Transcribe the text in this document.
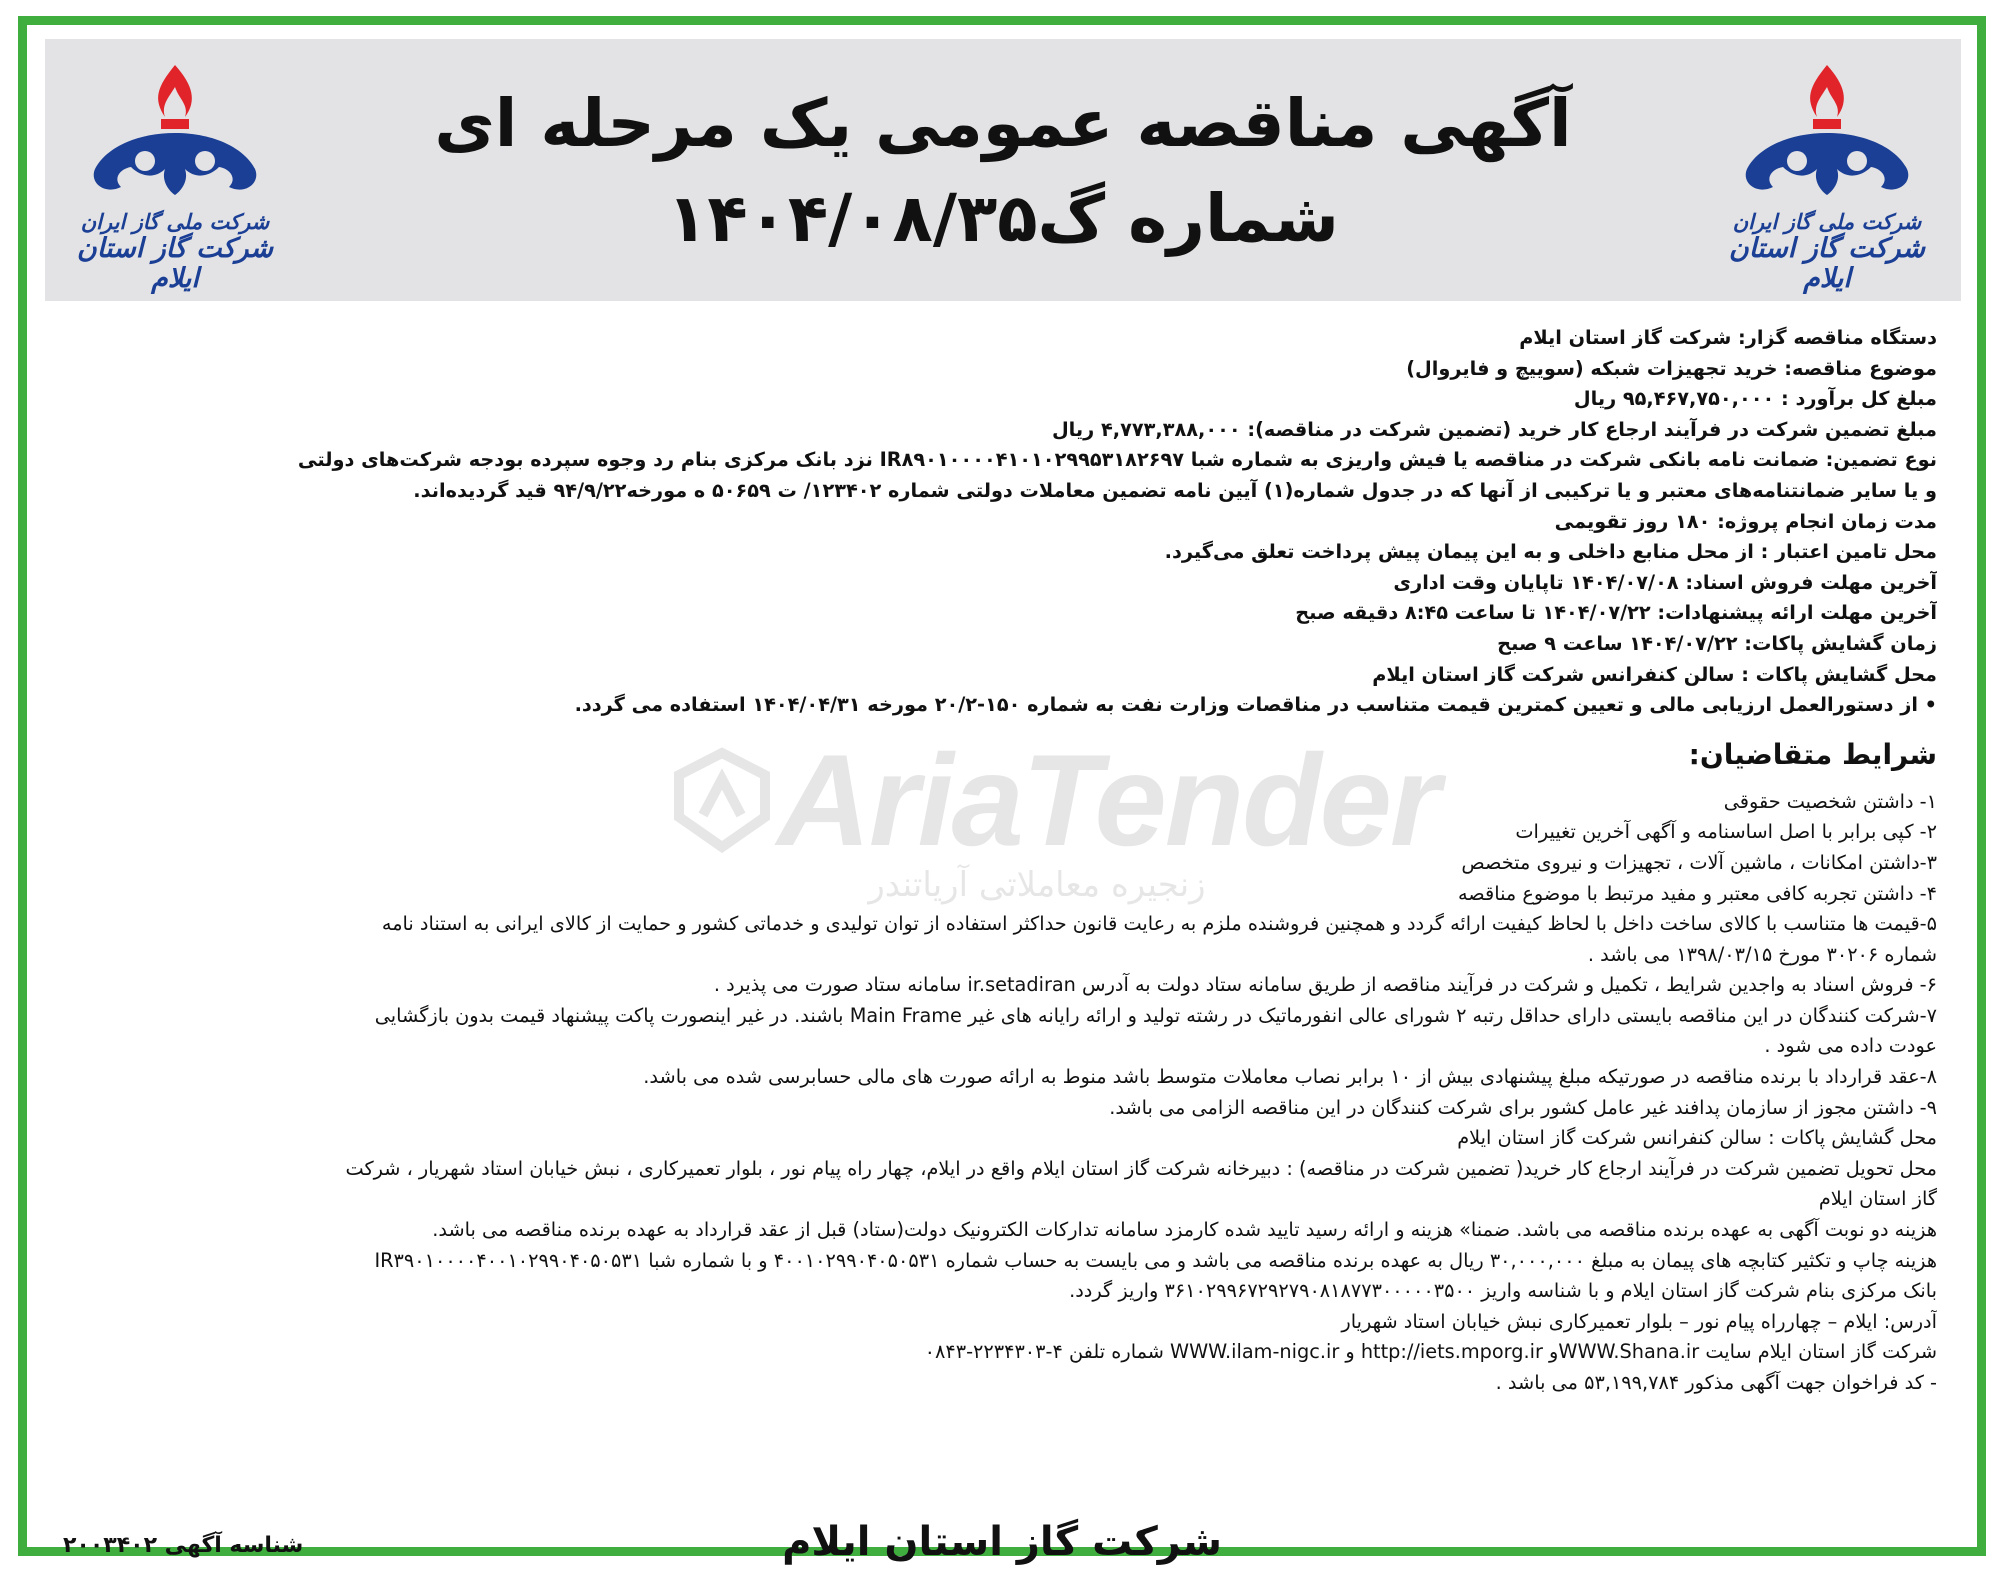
شرکت ملی گاز ایران
شرکت گاز استان ایلام
آگهی مناقصه عمومی یک مرحله ای
شماره گ۱۴۰۴/۰۸/۳۵
شرکت ملی گاز ایران
شرکت گاز استان ایلام
AriaTender
زنجیره معاملاتی آریاتندر

دستگاه مناقصه گزار: شرکت گاز استان ایلام

موضوع مناقصه: خرید تجهیزات شبکه (سوییچ و فایروال)

مبلغ کل برآورد : ۹۵,۴۶۷,۷۵۰,۰۰۰ ریال

مبلغ تضمین شرکت در فرآیند ارجاع کار خرید (تضمین شرکت در مناقصه): ۴,۷۷۳,۳۸۸,۰۰۰ ریال

نوع تضمین: ضمانت نامه بانکی شرکت در مناقصه یا فیش واریزی به شماره شبا IR۸۹۰۱۰۰۰۰۴۱۰۱۰۲۹۹۵۳۱۸۲۶۹۷ نزد بانک مرکزی بنام رد وجوه سپرده بودجه شرکت‌های دولتی

و یا سایر ضمانتنامه‌های معتبر و یا ترکیبی از آنها که در جدول شماره(۱) آیین نامه تضمین معاملات دولتی شماره ۱۲۳۴۰۲/ ت ۵۰۶۵۹ ه مورخه۹۴/۹/۲۲ قید گردیده‌اند.

مدت زمان انجام پروژه: ۱۸۰ روز تقویمی

محل تامین اعتبار : از محل منابع داخلی و به این پیمان پیش پرداخت تعلق می‌گیرد.

آخرین مهلت فروش اسناد: ۱۴۰۴/۰۷/۰۸ تاپایان وقت اداری

آخرین مهلت ارائه پیشنهادات: ۱۴۰۴/۰۷/۲۲ تا ساعت ۸:۴۵ دقیقه صبح

زمان گشایش پاکات: ۱۴۰۴/۰۷/۲۲ ساعت ۹ صبح

محل گشایش پاکات : سالن کنفرانس شرکت گاز استان ایلام

• از دستورالعمل ارزیابی مالی و تعیین کمترین قیمت متناسب در مناقصات وزارت نفت به شماره ۱۵۰-۲۰/۲ مورخه ۱۴۰۴/۰۴/۳۱ استفاده می گردد.

شرایط متقاضیان:

۱- داشتن شخصیت حقوقی

۲- کپی برابر با اصل اساسنامه و آگهی آخرین تغییرات

۳-داشتن امکانات ، ماشین آلات ، تجهیزات و نیروی متخصص

۴- داشتن تجربه کافی معتبر و مفید مرتبط با موضوع مناقصه

۵-قیمت ها متناسب با کالای ساخت داخل با لحاظ کیفیت ارائه گردد و همچنین فروشنده ملزم به رعایت قانون حداکثر استفاده از توان تولیدی و خدماتی کشور و حمایت از کالای ایرانی به استناد نامه

شماره ۳۰۲۰۶ مورخ ۱۳۹۸/۰۳/۱۵ می باشد .

۶- فروش اسناد به واجدین شرایط ، تکمیل و شرکت در فرآیند مناقصه از طریق سامانه ستاد دولت به آدرس ir.setadiran سامانه ستاد صورت می پذیرد .

۷-شرکت کنندگان در این مناقصه بایستی دارای حداقل رتبه ۲ شورای عالی انفورماتیک در رشته تولید و ارائه رایانه های غیر Main Frame باشند. در غیر اینصورت پاکت پیشنهاد قیمت بدون بازگشایی

عودت داده می شود .

۸-عقد قرارداد با برنده مناقصه در صورتیکه مبلغ پیشنهادی بیش از ۱۰ برابر نصاب معاملات متوسط باشد منوط به ارائه صورت های مالی حسابرسی شده می باشد.

۹- داشتن مجوز از سازمان پدافند غیر عامل کشور برای شرکت کنندگان در این مناقصه الزامی می باشد.

محل گشایش پاکات : سالن کنفرانس شرکت گاز استان ایلام

محل تحویل تضمین شرکت در فرآیند ارجاع کار خرید( تضمین شرکت در مناقصه) : دبیرخانه شرکت گاز استان ایلام واقع در ایلام، چهار راه پیام نور ، بلوار تعمیرکاری ، نبش خیابان استاد شهریار ، شرکت

گاز استان ایلام

هزینه دو نوبت آگهی به عهده برنده مناقصه می باشد. ضمنا» هزینه و ارائه رسید تایید شده کارمزد سامانه تدارکات الکترونیک دولت(ستاد) قبل از عقد قرارداد به عهده برنده مناقصه می باشد.

هزینه چاپ و تکثیر کتابچه های پیمان به مبلغ ۳۰,۰۰۰,۰۰۰ ریال به عهده برنده مناقصه می باشد و می بایست به حساب شماره ۴۰۰۱۰۲۹۹۰۴۰۵۰۵۳۱ و با شماره شبا IR۳۹۰۱۰۰۰۰۴۰۰۱۰۲۹۹۰۴۰۵۰۵۳۱

بانک مرکزی بنام شرکت گاز استان ایلام و با شناسه واریز ۳۶۱۰۲۹۹۶۷۲۹۲۷۹۰۸۱۸۷۷۳۰۰۰۰۰۳۵۰۰ واریز گردد.

آدرس: ایلام – چهارراه پیام نور – بلوار تعمیرکاری نبش خیابان استاد شهریار

شرکت گاز استان ایلام سایت WWW.Shana.irو http://iets.mporg.ir و WWW.ilam-nigc.ir شماره تلفن ۴-۲۲۳۴۳۰۳-۰۸۴۳

- کد فراخوان جهت آگهی مذکور ۵۳,۱۹۹,۷۸۴ می باشد .

شرکت گاز استان ایلام
شناسه آگهی ۲۰۰۳۴۰۲
